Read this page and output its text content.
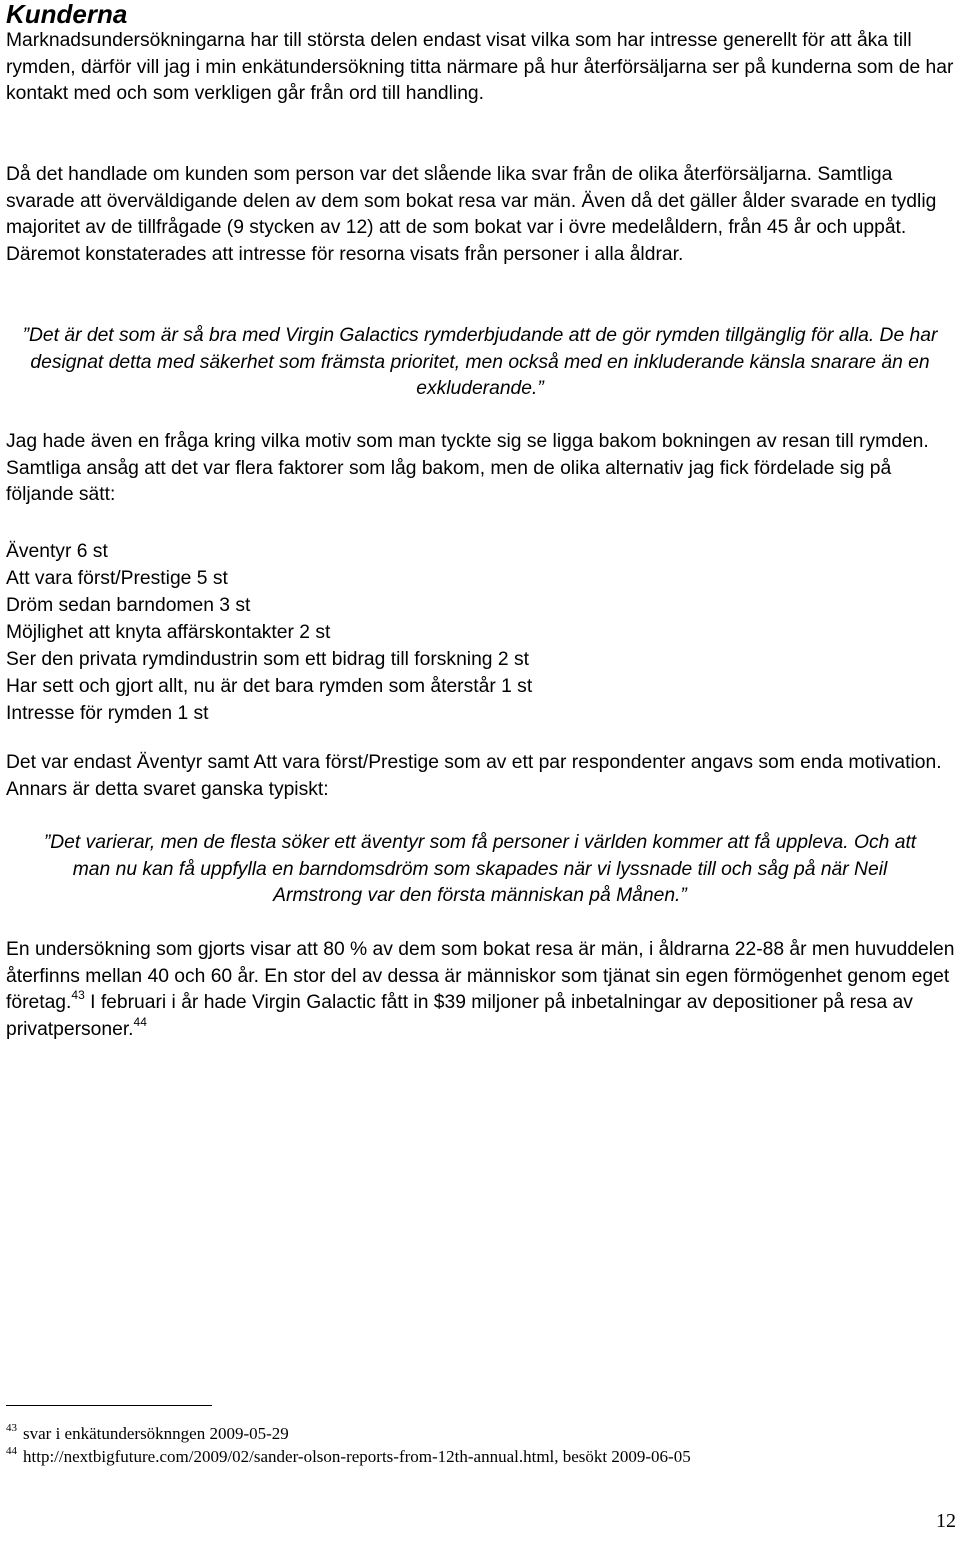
Kunderna

Marknadsundersökningarna har till största delen endast visat vilka som har intresse generellt för att åka till rymden, därför vill jag i min enkätundersökning titta närmare på hur återförsäljarna ser på kunderna som de har kontakt med och som verkligen går från ord till handling.

Då det handlade om kunden som person var det slående lika svar från de olika återförsäljarna. Samtliga svarade att överväldigande delen av dem som bokat resa var män. Även då det gäller ålder svarade en tydlig majoritet av de tillfrågade (9 stycken av 12) att de som bokat var i övre medelåldern, från 45 år och uppåt. Däremot konstaterades att intresse för resorna visats från personer i alla åldrar.

”Det är det som är så bra med Virgin Galactics rymderbjudande att de gör rymden tillgänglig för alla. De har designat detta med säkerhet som främsta prioritet, men också med en inkluderande känsla snarare än en exkluderande.”

Jag hade även en fråga kring vilka motiv som man tyckte sig se ligga bakom bokningen av resan till rymden. Samtliga ansåg att det var flera faktorer som låg bakom, men de olika alternativ jag fick fördelade sig på följande sätt:

Äventyr 6 st
Att vara först/Prestige 5 st
Dröm sedan barndomen 3 st
Möjlighet att knyta affärskontakter 2 st
Ser den privata rymdindustrin som ett bidrag till forskning 2 st
Har sett och gjort allt, nu är det bara rymden som återstår 1 st
Intresse för rymden 1 st

Det var endast Äventyr samt Att vara först/Prestige som av ett par respondenter angavs som enda motivation. Annars är detta svaret ganska typiskt:

”Det varierar, men de flesta söker ett äventyr som få personer i världen kommer att få uppleva. Och att man nu kan få uppfylla en barndomsdröm som skapades när vi lyssnade till och såg på när Neil Armstrong var den första människan på Månen.”

En undersökning som gjorts visar att 80 % av dem som bokat resa är män, i åldrarna 22-88 år men huvuddelen återfinns mellan 40 och 60 år. En stor del av dessa är människor som tjänat sin egen förmögenhet genom eget företag.$^{43}$ I februari i år hade Virgin Galactic fått in $39 miljoner på inbetalningar av depositioner på resa av privatpersoner.$^{44}$

$^{43}$ svar i enkätundersöknngen 2009-05-29

$^{44}$ http://nextbigfuture.com/2009/02/sander-olson-reports-from-12th-annual.html, besökt 2009-06-05

12
